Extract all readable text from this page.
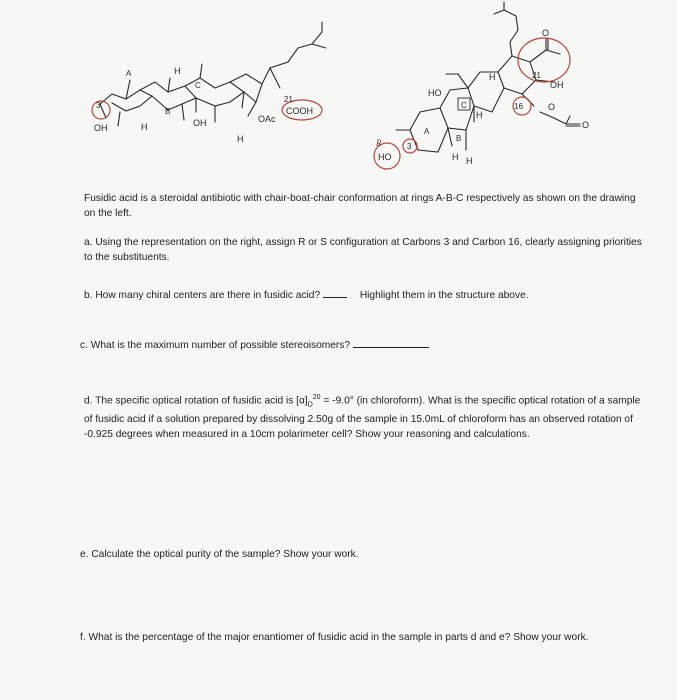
A
B
C
H
H
H
OH	OH	OAc
COOH
3
21
HO
HO
OH
O
O
O
21
16
3
A
B
C
H
H
H H
R
Fusidic acid is a steroidal antibiotic with chair-boat-chair conformation at rings A-B-C respectively as shown on the drawing on the left.
a. Using the representation on the right, assign R or S configuration at Carbons 3 and Carbon 16, clearly assigning priorities to the substituents.
b. How many chiral centers are there in fusidic acid?	Highlight them in the structure above.
c. What is the maximum number of possible stereoisomers?
d. The specific optical rotation of fusidic acid is $[\alpha]_D^{20} = -9.0^\circ$ (in chloroform). What is the specific optical rotation of a sample of fusidic acid if a solution prepared by dissolving 2.50g of the sample in 15.0mL of chloroform has an observed rotation of -0.925 degrees when measured in a 10cm polarimeter cell? Show your reasoning and calculations.
e. Calculate the optical purity of the sample? Show your work.
f. What is the percentage of the major enantiomer of fusidic acid in the sample in parts d and e? Show your work.
